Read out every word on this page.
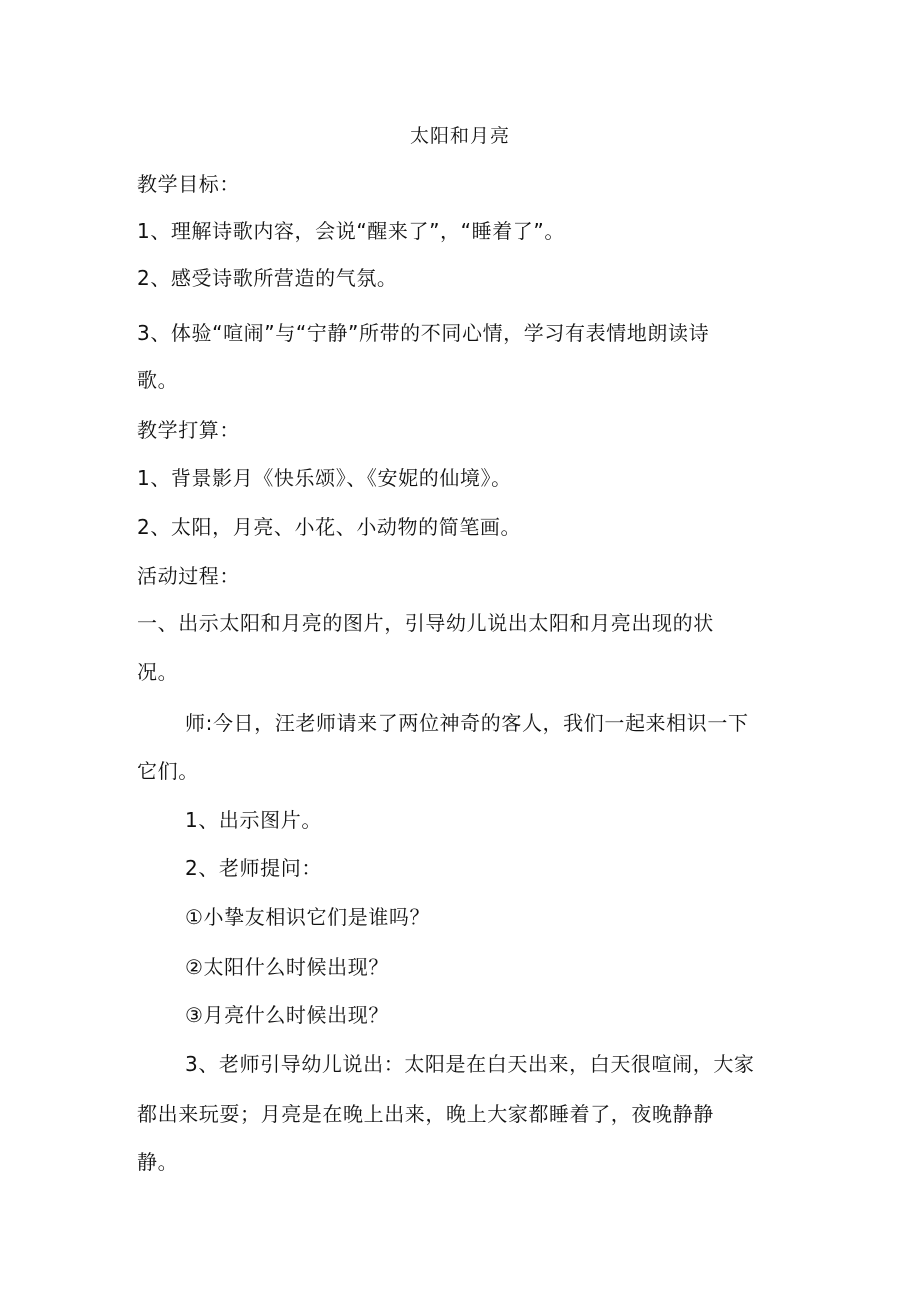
太阳和月亮
教学目标：
1、理解诗歌内容，会说“醒来了”，“睡着了”。
2、感受诗歌所营造的气氛。
3、体验“喧闹”与“宁静”所带的不同心情，学习有表情地朗读诗
歌。
教学打算：
1、背景影月《快乐颂》、《安妮的仙境》。
2、太阳，月亮、小花、小动物的简笔画。
活动过程：
一、出示太阳和月亮的图片，引导幼儿说出太阳和月亮出现的状
况。
师:今日，汪老师请来了两位神奇的客人，我们一起来相识一下
它们。
1、出示图片。
2、老师提问：
①小挚友相识它们是谁吗？
②太阳什么时候出现？
③月亮什么时候出现？
3、老师引导幼儿说出：太阳是在白天出来，白天很喧闹，大家
都出来玩耍；月亮是在晚上出来，晚上大家都睡着了，夜晚静静
静。
